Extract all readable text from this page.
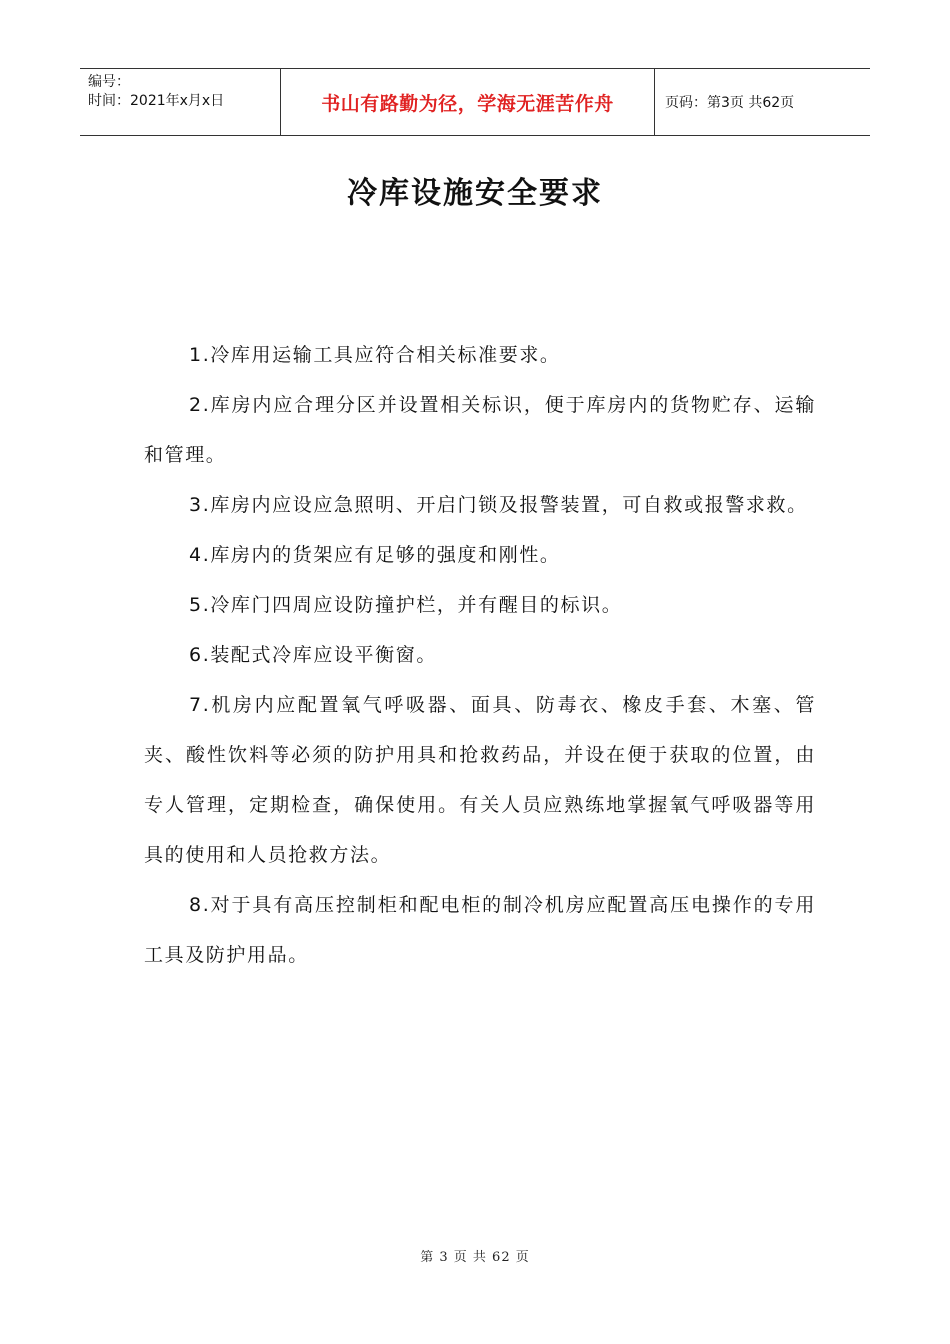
编号：
时间：2021年x月x日	书山有路勤为径，学海无涯苦作舟	页码：第3页 共62页
冷库设施安全要求

1.冷库用运输工具应符合相关标准要求。

2.库房内应合理分区并设置相关标识，便于库房内的货物贮存、运输和管理。

3.库房内应设应急照明、开启门锁及报警装置，可自救或报警求救。

4.库房内的货架应有足够的强度和刚性。

5.冷库门四周应设防撞护栏，并有醒目的标识。

6.装配式冷库应设平衡窗。

7.机房内应配置氧气呼吸器、面具、防毒衣、橡皮手套、木塞、管夹、酸性饮料等必须的防护用具和抢救药品，并设在便于获取的位置，由专人管理，定期检查，确保使用。有关人员应熟练地掌握氧气呼吸器等用具的使用和人员抢救方法。

8.对于具有高压控制柜和配电柜的制冷机房应配置高压电操作的专用工具及防护用品。

第 3 页 共 62 页
